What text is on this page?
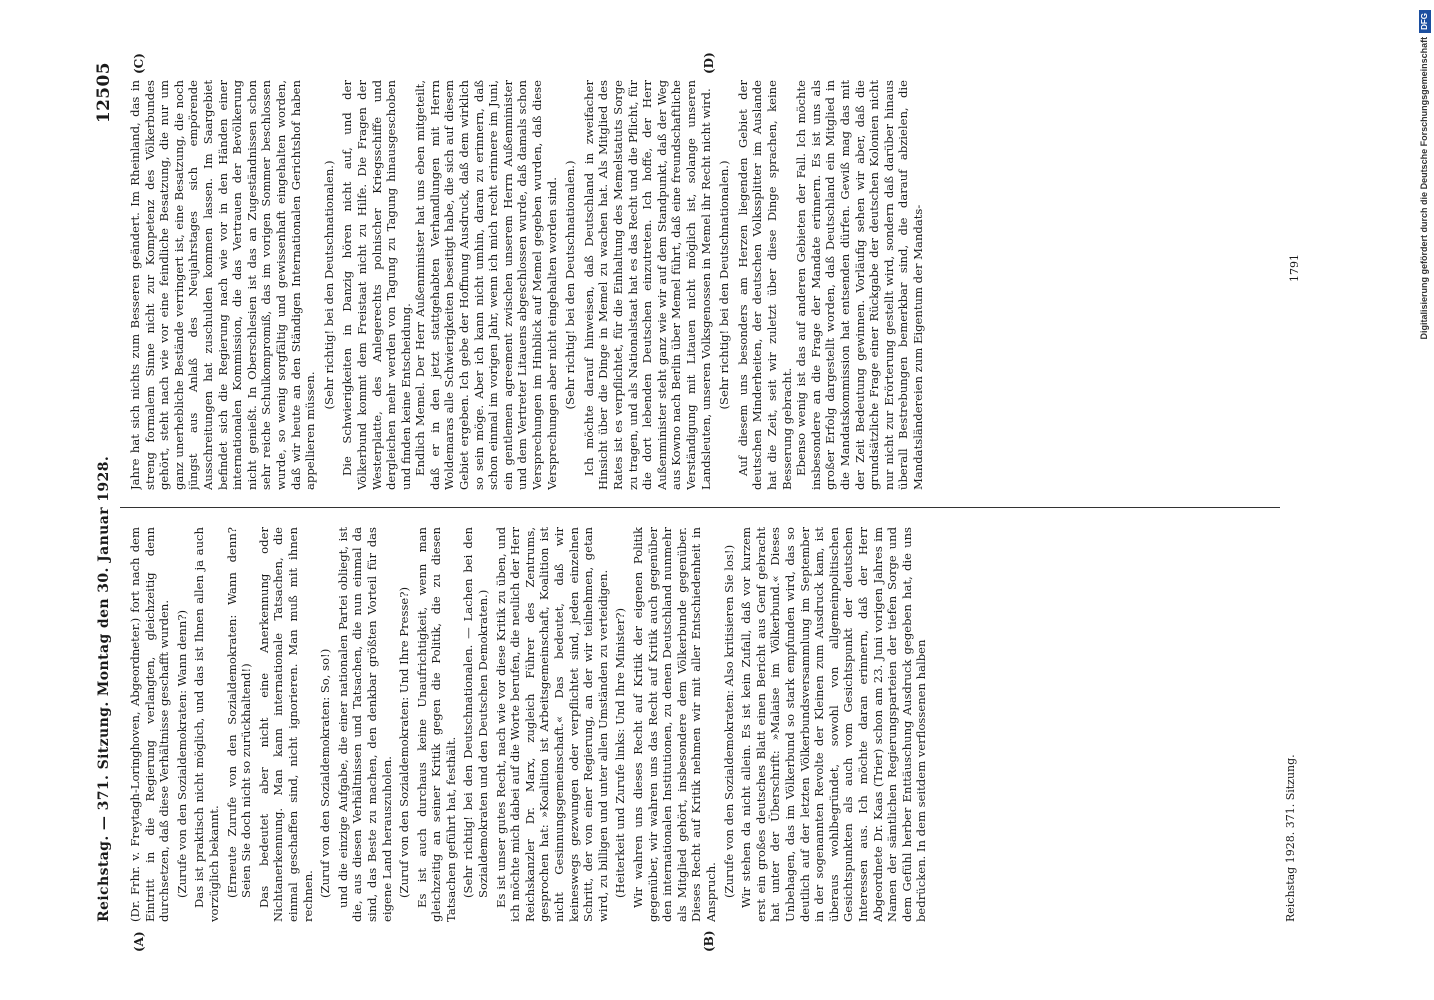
Reichstag. — 371. Sitzung. Montag den 30. Januar 1928.
12505
(A)	(B)
(C)	(D)

(Dr. Frhr. v. Freytagh-Loringhoven, Abgeordneter.) fort nach dem Eintritt in die Regierung verlangten, gleichzeitig denn durchsetzen, daß diese Verhältnisse geschafft wurden. (Zurufe von den Sozialdemokraten: Wann denn?) Das ist praktisch nicht möglich, und das ist Ihnen allen ja auch vorzüglich bekannt. (Erneute Zurufe von den Sozialdemokraten: Wann denn? Seien Sie doch nicht so zurückhaltend!) Das bedeutet aber nicht eine Anerkennung oder Nichtanerkennung. Man kann internationale Tatsachen, die einmal geschaffen sind, nicht ignorieren. Man muß mit ihnen rechnen. (Zuruf von den Sozialdemokraten: So, so!) und die einzige Aufgabe, die einer nationalen Partei obliegt, ist die, aus diesen Verhältnissen und Tatsachen, die nun einmal da sind, das Beste zu machen, den denkbar größten Vorteil für das eigene Land herauszuholen. (Zuruf von den Sozialdemokraten: Und Ihre Presse?) Es ist auch durchaus keine Unaufrichtigkeit, wenn man gleichzeitig an seiner Kritik gegen die Politik, die zu diesen Tatsachen geführt hat, festhält. (Sehr richtig! bei den Deutschnationalen. — Lachen bei den Sozialdemokraten und den Deutschen Demokraten.) Es ist unser gutes Recht, nach wie vor diese Kritik zu üben, und ich möchte mich dabei auf die Worte berufen, die neulich der Herr Reichskanzler Dr. Marx, zugleich Führer des Zentrums, gesprochen hat: »Koalition ist Arbeitsgemeinschaft, Koalition ist nicht Gesinnungsgemeinschaft.« Das bedeutet, daß wir keineswegs gezwungen oder verpflichtet sind, jeden einzelnen Schritt, der von einer Regierung, an der wir teilnehmen, getan wird, zu billigen und unter allen Umständen zu verteidigen. (Heiterkeit und Zurufe links: Und Ihre Minister?) Wir wahren uns dieses Recht auf Kritik der eigenen Politik gegenüber, wir wahren uns das Recht auf Kritik auch gegenüber den internationalen Institutionen, zu denen Deutschland nunmehr als Mitglied gehört, insbesondere dem Völkerbunde gegenüber. Dieses Recht auf Kritik nehmen wir mit aller Entschiedenheit in Anspruch. (Zurufe von den Sozialdemokraten: Also kritisieren Sie los!) Wir stehen da nicht allein. Es ist kein Zufall, daß vor kurzem erst ein großes deutsches Blatt einen Bericht aus Genf gebracht hat unter der Überschrift: »Malaise im Völkerbund.« Dieses Unbehagen, das im Völkerbund so stark empfunden wird, das so deutlich auf der letzten Völkerbundsversammlung im September in der sogenannten Revolte der Kleinen zum Ausdruck kam, ist überaus wohlbegründet, sowohl von allgemeinpolitischen Gesichtspunkten als auch vom Gesichtspunkt der deutschen Interessen aus. Ich möchte daran erinnern, daß der Herr Abgeordnete Dr. Kaas (Trier) schon am 23. Juni vorigen Jahres im Namen der sämtlichen Regierungsparteien der tiefen Sorge und dem Gefühl herber Enttäuschung Ausdruck gegeben hat, die uns bedrücken. In dem seitdem verflossenen halben

Jahre hat sich nichts zum Besseren geändert. Im Rheinland, das in streng formalem Sinne nicht zur Kompetenz des Völkerbundes gehört, steht nach wie vor eine feindliche Besatzung, die nur um ganz unerhebliche Bestände verringert ist, eine Besatzung, die noch jüngst aus Anlaß des Neujahrstages sich empörende Ausschreitungen hat zuschulden kommen lassen. Im Saargebiet befindet sich die Regierung nach wie vor in den Händen einer internationalen Kommission, die das Vertrauen der Bevölkerung nicht genießt. In Oberschlesien ist das an Zugeständnissen schon sehr reiche Schulkompromiß, das im vorigen Sommer beschlossen wurde, so wenig sorgfältig und gewissenhaft eingehalten worden, daß wir heute an den Ständigen Internationalen Gerichtshof haben appellieren müssen.

(Sehr richtig! bei den Deutschnationalen.) Die Schwierigkeiten in Danzig hören nicht auf, und der Völkerbund kommt dem Freistaat nicht zu Hilfe. Die Fragen der Westerplatte, des Anlegerechts polnischer Kriegsschiffe und dergleichen mehr werden von Tagung zu Tagung hinausgeschoben und finden keine Entscheidung. Endlich Memel. Der Herr Außenminister hat uns eben mitgeteilt, daß er in den jetzt stattgehabten Verhandlungen mit Herrn Woldemaras alle Schwierigkeiten beseitigt habe, die sich auf diesem Gebiet ergeben. Ich gebe der Hoffnung Ausdruck, daß dem wirklich so sein möge. Aber ich kann nicht umhin, daran zu erinnern, daß schon einmal im vorigen Jahr, wenn ich mich recht erinnere im Juni, ein gentlemen agreement zwischen unserem Herrn Außenminister und dem Vertreter Litauens abgeschlossen wurde, daß damals schon Versprechungen im Hinblick auf Memel gegeben wurden, daß diese Versprechungen aber nicht eingehalten worden sind. (Sehr richtig! bei den Deutschnationalen.) Ich möchte darauf hinweisen, daß Deutschland in zweifacher Hinsicht über die Dinge in Memel zu wachen hat. Als Mitglied des Rates ist es verpflichtet, für die Einhaltung des Memelstatuts Sorge zu tragen, und als Nationalstaat hat es das Recht und die Pflicht, für die dort lebenden Deutschen einzutreten. Ich hoffe, der Herr Außenminister steht ganz wie wir auf dem Standpunkt, daß der Weg aus Kowno nach Berlin über Memel führt, daß eine freundschaftliche Verständigung mit Litauen nicht möglich ist, solange unseren Landsleuten, unseren Volksgenossen in Memel ihr Recht nicht wird. (Sehr richtig! bei den Deutschnationalen.) Auf diesem uns besonders am Herzen liegenden Gebiet der deutschen Minderheiten, der deutschen Volkssplitter im Auslande hat die Zeit, seit wir zuletzt über diese Dinge sprachen, keine Besserung gebracht. Ebenso wenig ist das auf anderen Gebieten der Fall. Ich möchte insbesondere an die Frage der Mandate erinnern. Es ist uns als großer Erfolg dargestellt worden, daß Deutschland ein Mitglied in die Mandatskommission hat entsenden dürfen. Gewiß mag das mit der Zeit Bedeutung gewinnen. Vorläufig sehen wir aber, daß die grundsätzliche Frage einer Rückgabe der deutschen Kolonien nicht nur nicht zur Erörterung gestellt wird, sondern daß darüber hinaus überall Bestrebungen bemerkbar sind, die darauf abzielen, die Mandatsländereien zum Eigentum der Mandats-

Reichstag 1928. 371. Sitzung.
1791	Digitalisierung gefördert durch die Deutsche ForschungsgemeinschaftDFG
